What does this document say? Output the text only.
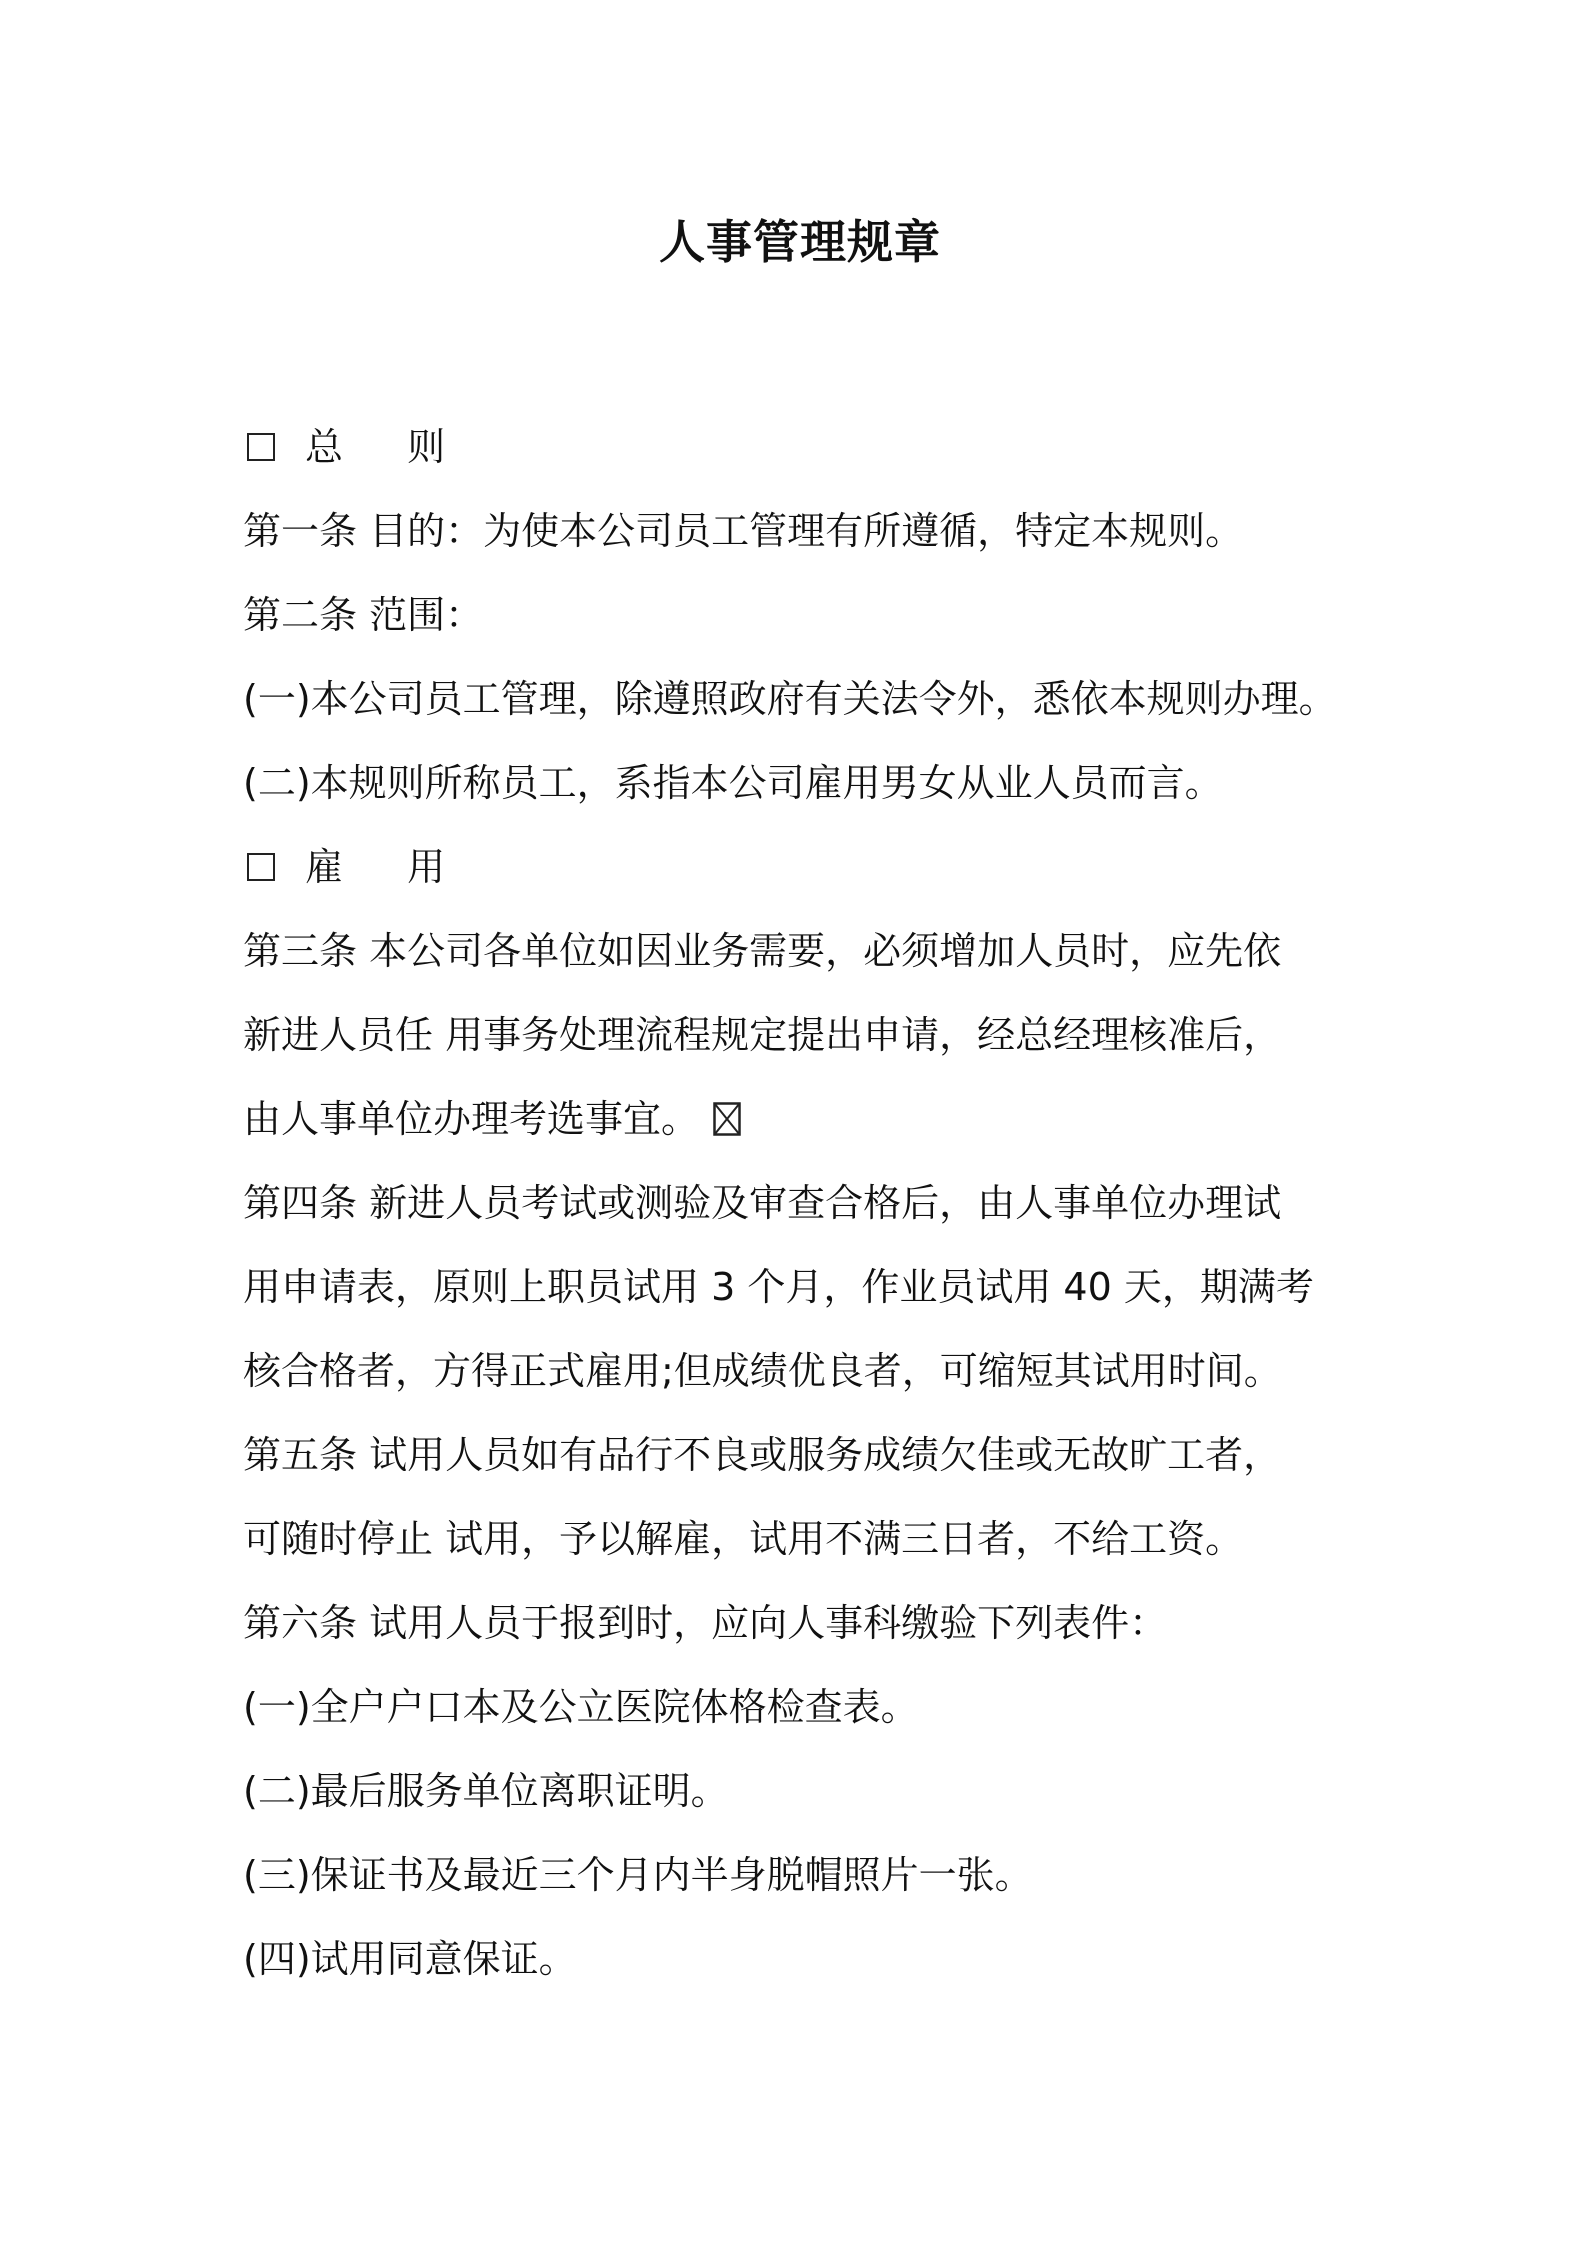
人事管理规章
总 则
第一条 目的：为使本公司员工管理有所遵循，特定本规则。
第二条 范围：
(一)本公司员工管理，除遵照政府有关法令外，悉依本规则办理。
(二)本规则所称员工，系指本公司雇用男女从业人员而言。
雇 用
第三条 本公司各单位如因业务需要，必须增加人员时，应先依
新进人员任 用事务处理流程规定提出申请，经总经理核准后，
由人事单位办理考选事宜。
第四条 新进人员考试或测验及审查合格后，由人事单位办理试
用申请表，原则上职员试用 3 个月，作业员试用 40 天，期满考
核合格者，方得正式雇用;但成绩优良者，可缩短其试用时间。
第五条 试用人员如有品行不良或服务成绩欠佳或无故旷工者，
可随时停止 试用，予以解雇，试用不满三日者，不给工资。
第六条 试用人员于报到时，应向人事科缴验下列表件：
(一)全户户口本及公立医院体格检查表。
(二)最后服务单位离职证明。
(三)保证书及最近三个月内半身脱帽照片一张。
(四)试用同意保证。
